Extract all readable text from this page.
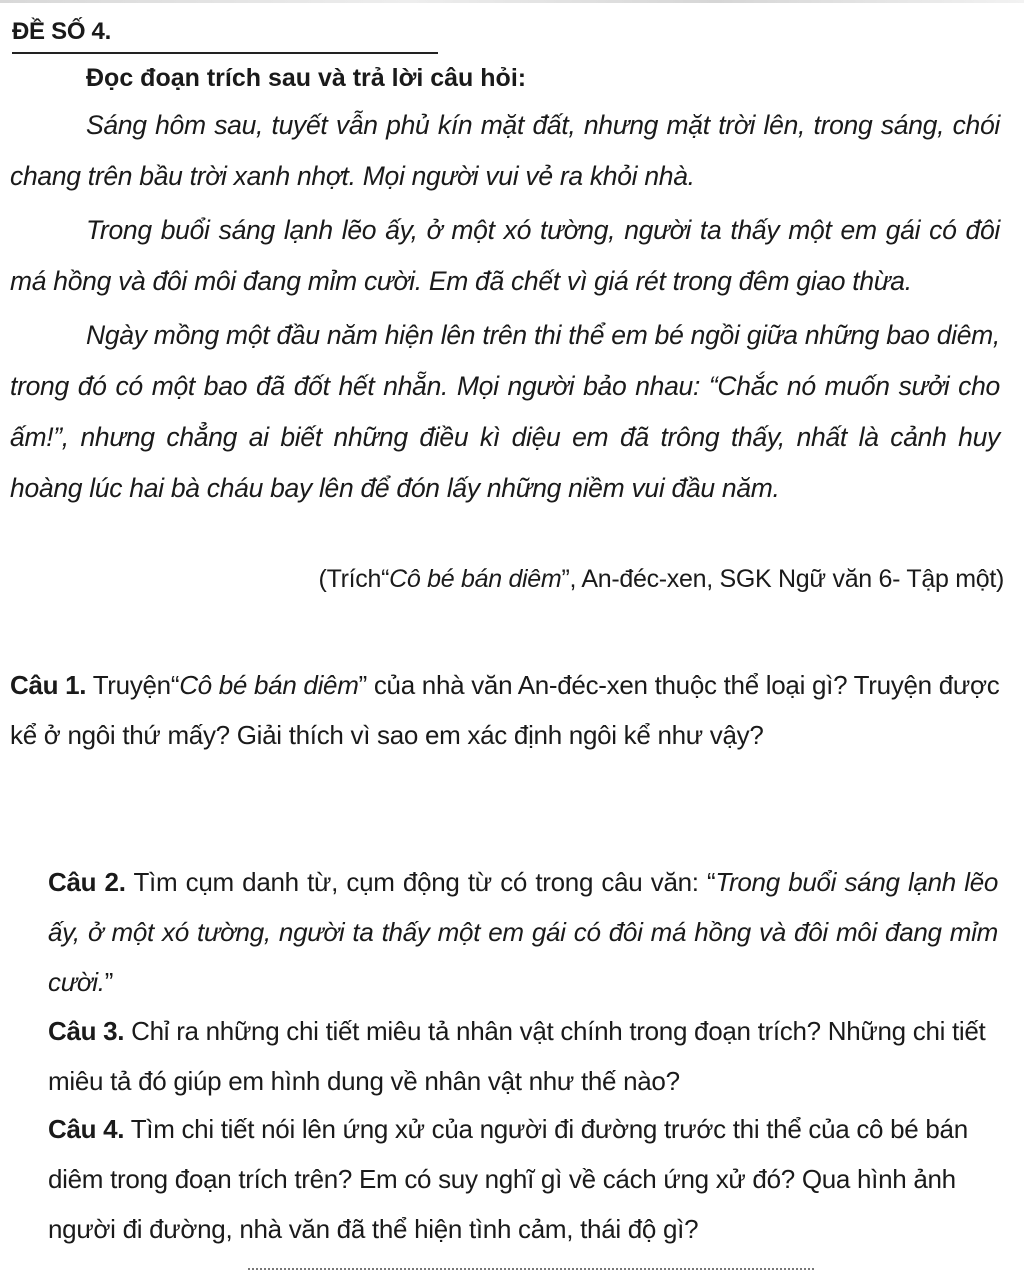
ĐỀ SỐ 4.
Đọc đoạn trích sau và trả lời câu hỏi:

Sáng hôm sau, tuyết vẫn phủ kín mặt đất, nhưng mặt trời lên, trong sáng, chói chang trên bầu trời xanh nhợt. Mọi người vui vẻ ra khỏi nhà.

Trong buổi sáng lạnh lẽo ấy, ở một xó tường, người ta thấy một em gái có đôi má hồng và đôi môi đang mỉm cười. Em đã chết vì giá rét trong đêm giao thừa.

Ngày mồng một đầu năm hiện lên trên thi thể em bé ngồi giữa những bao diêm, trong đó có một bao đã đốt hết nhẵn. Mọi người bảo nhau: “Chắc nó muốn sưởi cho ấm!”, nhưng chẳng ai biết những điều kì diệu em đã trông thấy, nhất là cảnh huy hoàng lúc hai bà cháu bay lên để đón lấy những niềm vui đầu năm.

(Trích“Cô bé bán diêm”, An-đéc-xen, SGK Ngữ văn 6- Tập một)
Câu 1. Truyện“Cô bé bán diêm” của nhà văn An-đéc-xen thuộc thể loại gì? Truyện được kể ở ngôi thứ mấy? Giải thích vì sao em xác định ngôi kể như vậy?
Câu 2. Tìm cụm danh từ, cụm động từ có trong câu văn: “Trong buổi sáng lạnh lẽo ấy, ở một xó tường, người ta thấy một em gái có đôi má hồng và đôi môi đang mỉm cười.”
Câu 3. Chỉ ra những chi tiết miêu tả nhân vật chính trong đoạn trích? Những chi tiết miêu tả đó giúp em hình dung về nhân vật như thế nào?
Câu 4. Tìm chi tiết nói lên ứng xử của người đi đường trước thi thể của cô bé bán diêm trong đoạn trích trên? Em có suy nghĩ gì về cách ứng xử đó? Qua hình ảnh người đi đường, nhà văn đã thể hiện tình cảm, thái độ gì?
